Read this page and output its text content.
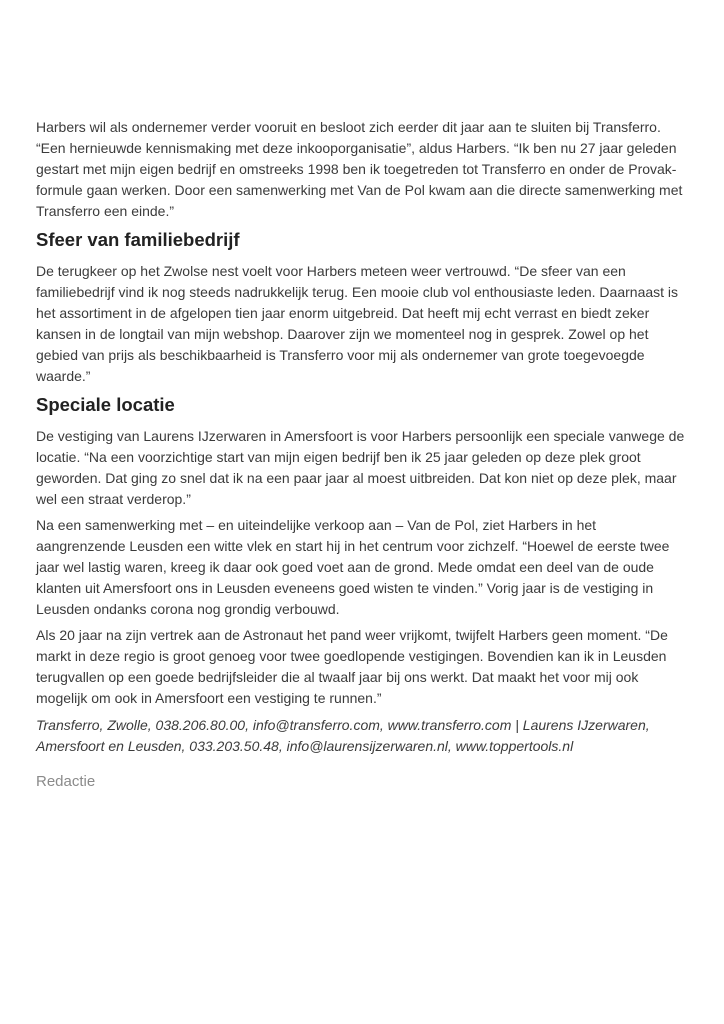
Harbers wil als ondernemer verder vooruit en besloot zich eerder dit jaar aan te sluiten bij Transferro. “Een hernieuwde kennismaking met deze inkooporganisatie”, aldus Harbers. “Ik ben nu 27 jaar geleden gestart met mijn eigen bedrijf en omstreeks 1998 ben ik toegetreden tot Transferro en onder de Provak-formule gaan werken. Door een samenwerking met Van de Pol kwam aan die directe samenwerking met Transferro een einde.”

Sfeer van familiebedrijf

De terugkeer op het Zwolse nest voelt voor Harbers meteen weer vertrouwd. “De sfeer van een familiebedrijf vind ik nog steeds nadrukkelijk terug. Een mooie club vol enthousiaste leden. Daarnaast is het assortiment in de afgelopen tien jaar enorm uitgebreid. Dat heeft mij echt verrast en biedt zeker kansen in de longtail van mijn webshop. Daarover zijn we momenteel nog in gesprek. Zowel op het gebied van prijs als beschikbaarheid is Transferro voor mij als ondernemer van grote toegevoegde waarde.”

Speciale locatie

De vestiging van Laurens IJzerwaren in Amersfoort is voor Harbers persoonlijk een speciale vanwege de locatie. “Na een voorzichtige start van mijn eigen bedrijf ben ik 25 jaar geleden op deze plek groot geworden. Dat ging zo snel dat ik na een paar jaar al moest uitbreiden. Dat kon niet op deze plek, maar wel een straat verderop.”

Na een samenwerking met – en uiteindelijke verkoop aan – Van de Pol, ziet Harbers in het aangrenzende Leusden een witte vlek en start hij in het centrum voor zichzelf. “Hoewel de eerste twee jaar wel lastig waren, kreeg ik daar ook goed voet aan de grond. Mede omdat een deel van de oude klanten uit Amersfoort ons in Leusden eveneens goed wisten te vinden.” Vorig jaar is de vestiging in Leusden ondanks corona nog grondig verbouwd.

Als 20 jaar na zijn vertrek aan de Astronaut het pand weer vrijkomt, twijfelt Harbers geen moment. “De markt in deze regio is groot genoeg voor twee goedlopende vestigingen. Bovendien kan ik in Leusden terugvallen op een goede bedrijfsleider die al twaalf jaar bij ons werkt. Dat maakt het voor mij ook mogelijk om ook in Amersfoort een vestiging te runnen.”

Transferro, Zwolle, 038.206.80.00, info@transferro.com, www.transferro.com | Laurens IJzerwaren, Amersfoort en Leusden, 033.203.50.48, info@laurensijzerwaren.nl, www.toppertools.nl

Redactie
